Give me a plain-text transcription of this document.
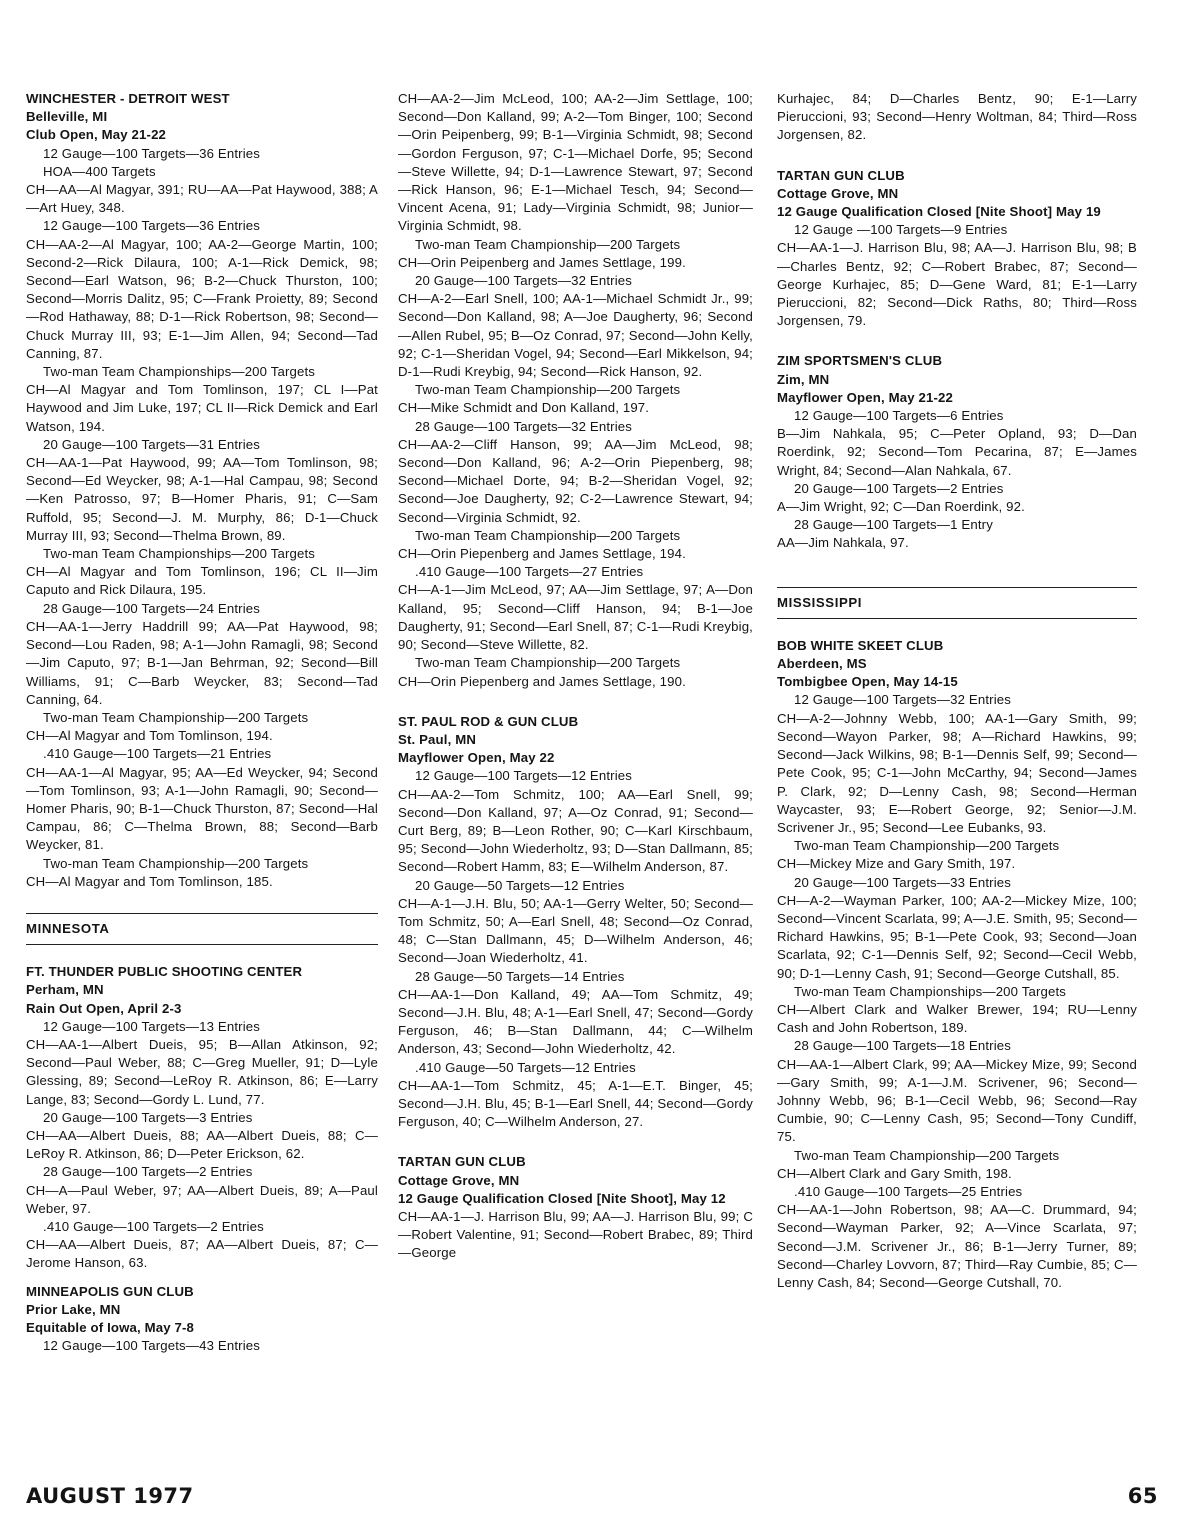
WINCHESTER - DETROIT WEST
Belleville, MI
Club Open, May 21-22
12 Gauge—100 Targets—36 Entries
HOA—400 Targets
CH—AA—Al Magyar, 391; RU—AA—Pat Haywood, 388; A—Art Huey, 348.
12 Gauge—100 Targets—36 Entries
CH—AA-2—Al Magyar, 100; AA-2—George Martin, 100; Second-2—Rick Dilaura, 100; A-1—Rick Demick, 98; Second—Earl Watson, 96; B-2—Chuck Thurston, 100; Second—Morris Dalitz, 95; C—Frank Proietty, 89; Second—Rod Hathaway, 88; D-1—Rick Robertson, 98; Second—Chuck Murray III, 93; E-1—Jim Allen, 94; Second—Tad Canning, 87.
Two-man Team Championships—200 Targets
CH—Al Magyar and Tom Tomlinson, 197; CL I—Pat Haywood and Jim Luke, 197; CL II—Rick Demick and Earl Watson, 194.
20 Gauge—100 Targets—31 Entries
CH—AA-1—Pat Haywood, 99; AA—Tom Tomlinson, 98; Second—Ed Weycker, 98; A-1—Hal Campau, 98; Second—Ken Patrosso, 97; B—Homer Pharis, 91; C—Sam Ruffold, 95; Second—J. M. Murphy, 86; D-1—Chuck Murray III, 93; Second—Thelma Brown, 89.
Two-man Team Championships—200 Targets
CH—Al Magyar and Tom Tomlinson, 196; CL II—Jim Caputo and Rick Dilaura, 195.
28 Gauge—100 Targets—24 Entries
CH—AA-1—Jerry Haddrill 99; AA—Pat Haywood, 98; Second—Lou Raden, 98; A-1—John Ramagli, 98; Second—Jim Caputo, 97; B-1—Jan Behrman, 92; Second—Bill Williams, 91; C—Barb Weycker, 83; Second—Tad Canning, 64.
Two-man Team Championship—200 Targets
CH—Al Magyar and Tom Tomlinson, 194.
.410 Gauge—100 Targets—21 Entries
CH—AA-1—Al Magyar, 95; AA—Ed Weycker, 94; Second—Tom Tomlinson, 93; A-1—John Ramagli, 90; Second—Homer Pharis, 90; B-1—Chuck Thurston, 87; Second—Hal Campau, 86; C—Thelma Brown, 88; Second—Barb Weycker, 81.
Two-man Team Championship—200 Targets
CH—Al Magyar and Tom Tomlinson, 185.
MINNESOTA
FT. THUNDER PUBLIC SHOOTING CENTER
Perham, MN
Rain Out Open, April 2-3
12 Gauge—100 Targets—13 Entries
CH—AA-1—Albert Dueis, 95; B—Allan Atkinson, 92; Second—Paul Weber, 88; C—Greg Mueller, 91; D—Lyle Glessing, 89; Second—LeRoy R. Atkinson, 86; E—Larry Lange, 83; Second—Gordy L. Lund, 77.
20 Gauge—100 Targets—3 Entries
CH—AA—Albert Dueis, 88; AA—Albert Dueis, 88; C—LeRoy R. Atkinson, 86; D—Peter Erickson, 62.
28 Gauge—100 Targets—2 Entries
CH—A—Paul Weber, 97; AA—Albert Dueis, 89; A—Paul Weber, 97.
.410 Gauge—100 Targets—2 Entries
CH—AA—Albert Dueis, 87; AA—Albert Dueis, 87; C—Jerome Hanson, 63.
MINNEAPOLIS GUN CLUB
Prior Lake, MN
Equitable of Iowa, May 7-8
12 Gauge—100 Targets—43 Entries
CH—AA-2—Jim McLeod, 100; AA-2—Jim Settlage, 100; Second—Don Kalland, 99; A-2—Tom Binger, 100; Second—Orin Peipenberg, 99; B-1—Virginia Schmidt, 98; Second—Gordon Ferguson, 97; C-1—Michael Dorfe, 95; Second—Steve Willette, 94; D-1—Lawrence Stewart, 97; Second—Rick Hanson, 96; E-1—Michael Tesch, 94; Second—Vincent Acena, 91; Lady—Virginia Schmidt, 98; Junior—Virginia Schmidt, 98.
Two-man Team Championship—200 Targets
CH—Orin Peipenberg and James Settlage, 199.
20 Gauge—100 Targets—32 Entries
CH—A-2—Earl Snell, 100; AA-1—Michael Schmidt Jr., 99; Second—Don Kalland, 98; A—Joe Daugherty, 96; Second—Allen Rubel, 95; B—Oz Conrad, 97; Second—John Kelly, 92; C-1—Sheridan Vogel, 94; Second—Earl Mikkelson, 94; D-1—Rudi Kreybig, 94; Second—Rick Hanson, 92.
Two-man Team Championship—200 Targets
CH—Mike Schmidt and Don Kalland, 197.
28 Gauge—100 Targets—32 Entries
CH—AA-2—Cliff Hanson, 99; AA—Jim McLeod, 98; Second—Don Kalland, 96; A-2—Orin Piepenberg, 98; Second—Michael Dorte, 94; B-2—Sheridan Vogel, 92; Second—Joe Daugherty, 92; C-2—Lawrence Stewart, 94; Second—Virginia Schmidt, 92.
Two-man Team Championship—200 Targets
CH—Orin Piepenberg and James Settlage, 194.
.410 Gauge—100 Targets—27 Entries
CH—A-1—Jim McLeod, 97; AA—Jim Settlage, 97; A—Don Kalland, 95; Second—Cliff Hanson, 94; B-1—Joe Daugherty, 91; Second—Earl Snell, 87; C-1—Rudi Kreybig, 90; Second—Steve Willette, 82.
Two-man Team Championship—200 Targets
CH—Orin Piepenberg and James Settlage, 190.
ST. PAUL ROD & GUN CLUB
St. Paul, MN
Mayflower Open, May 22
12 Gauge—100 Targets—12 Entries
CH—AA-2—Tom Schmitz, 100; AA—Earl Snell, 99; Second—Don Kalland, 97; A—Oz Conrad, 91; Second—Curt Berg, 89; B—Leon Rother, 90; C—Karl Kirschbaum, 95; Second—John Wiederholtz, 93; D—Stan Dallmann, 85; Second—Robert Hamm, 83; E—Wilhelm Anderson, 87.
20 Gauge—50 Targets—12 Entries
CH—A-1—J.H. Blu, 50; AA-1—Gerry Welter, 50; Second—Tom Schmitz, 50; A—Earl Snell, 48; Second—Oz Conrad, 48; C—Stan Dallmann, 45; D—Wilhelm Anderson, 46; Second—Joan Wiederholtz, 41.
28 Gauge—50 Targets—14 Entries
CH—AA-1—Don Kalland, 49; AA—Tom Schmitz, 49; Second—J.H. Blu, 48; A-1—Earl Snell, 47; Second—Gordy Ferguson, 46; B—Stan Dallmann, 44; C—Wilhelm Anderson, 43; Second—John Wiederholtz, 42.
.410 Gauge—50 Targets—12 Entries
CH—AA-1—Tom Schmitz, 45; A-1—E.T. Binger, 45; Second—J.H. Blu, 45; B-1—Earl Snell, 44; Second—Gordy Ferguson, 40; C—Wilhelm Anderson, 27.
TARTAN GUN CLUB
Cottage Grove, MN
12 Gauge Qualification Closed [Nite Shoot], May 12
CH—AA-1—J. Harrison Blu, 99; AA—J. Harrison Blu, 99; C—Robert Valentine, 91; Second—Robert Brabec, 89; Third—George
Kurhajec, 84; D—Charles Bentz, 90; E-1—Larry Pieruccioni, 93; Second—Henry Woltman, 84; Third—Ross Jorgensen, 82.
TARTAN GUN CLUB
Cottage Grove, MN
12 Gauge Qualification Closed [Nite Shoot] May 19
12 Gauge —100 Targets—9 Entries
CH—AA-1—J. Harrison Blu, 98; AA—J. Harrison Blu, 98; B—Charles Bentz, 92; C—Robert Brabec, 87; Second—George Kurhajec, 85; D—Gene Ward, 81; E-1—Larry Pieruccioni, 82; Second—Dick Raths, 80; Third—Ross Jorgensen, 79.
ZIM SPORTSMEN'S CLUB
Zim, MN
Mayflower Open, May 21-22
12 Gauge—100 Targets—6 Entries
B—Jim Nahkala, 95; C—Peter Opland, 93; D—Dan Roerdink, 92; Second—Tom Pecarina, 87; E—James Wright, 84; Second—Alan Nahkala, 67.
20 Gauge—100 Targets—2 Entries
A—Jim Wright, 92; C—Dan Roerdink, 92.
28 Gauge—100 Targets—1 Entry
AA—Jim Nahkala, 97.
MISSISSIPPI
BOB WHITE SKEET CLUB
Aberdeen, MS
Tombigbee Open, May 14-15
12 Gauge—100 Targets—32 Entries
CH—A-2—Johnny Webb, 100; AA-1—Gary Smith, 99; Second—Wayon Parker, 98; A—Richard Hawkins, 99; Second—Jack Wilkins, 98; B-1—Dennis Self, 99; Second—Pete Cook, 95; C-1—John McCarthy, 94; Second—James P. Clark, 92; D—Lenny Cash, 98; Second—Herman Waycaster, 93; E—Robert George, 92; Senior—J.M. Scrivener Jr., 95; Second—Lee Eubanks, 93.
Two-man Team Championship—200 Targets
CH—Mickey Mize and Gary Smith, 197.
20 Gauge—100 Targets—33 Entries
CH—A-2—Wayman Parker, 100; AA-2—Mickey Mize, 100; Second—Vincent Scarlata, 99; A—J.E. Smith, 95; Second—Richard Hawkins, 95; B-1—Pete Cook, 93; Second—Joan Scarlata, 92; C-1—Dennis Self, 92; Second—Cecil Webb, 90; D-1—Lenny Cash, 91; Second—George Cutshall, 85.
Two-man Team Championships—200 Targets
CH—Albert Clark and Walker Brewer, 194; RU—Lenny Cash and John Robertson, 189.
28 Gauge—100 Targets—18 Entries
CH—AA-1—Albert Clark, 99; AA—Mickey Mize, 99; Second—Gary Smith, 99; A-1—J.M. Scrivener, 96; Second—Johnny Webb, 96; B-1—Cecil Webb, 96; Second—Ray Cumbie, 90; C—Lenny Cash, 95; Second—Tony Cundiff, 75.
Two-man Team Championship—200 Targets
CH—Albert Clark and Gary Smith, 198.
.410 Gauge—100 Targets—25 Entries
CH—AA-1—John Robertson, 98; AA—C. Drummard, 94; Second—Wayman Parker, 92; A—Vince Scarlata, 97; Second—J.M. Scrivener Jr., 86; B-1—Jerry Turner, 89; Second—Charley Lovvorn, 87; Third—Ray Cumbie, 85; C—Lenny Cash, 84; Second—George Cutshall, 70.
AUGUST 1977	65
